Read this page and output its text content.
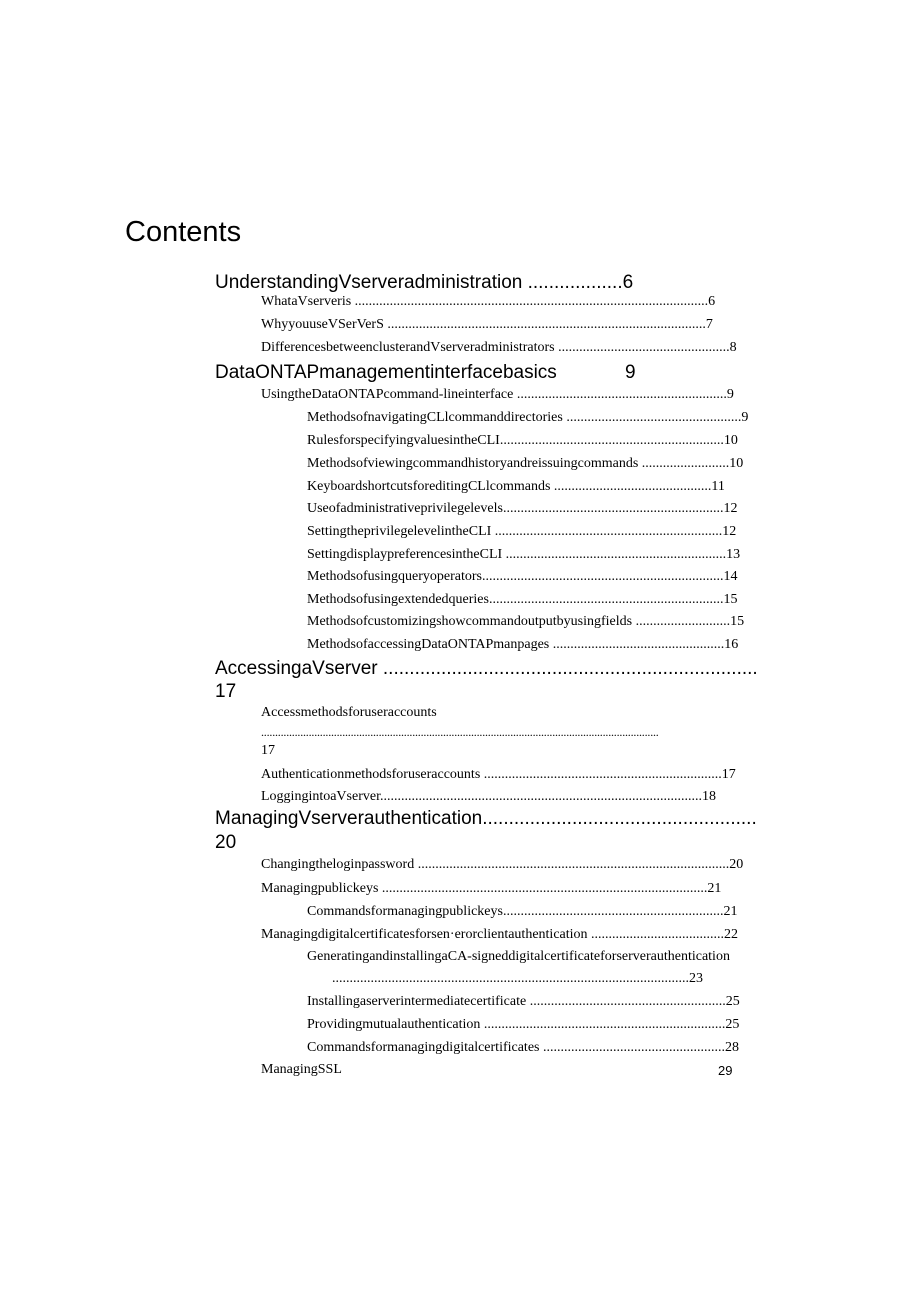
Contents
UnderstandingVserveradministration ..................6
WhataVserveris .....................................................................................................6
WhyyouuseVSerVerS ...........................................................................................7
DifferencesbetweenclusterandVserveradministrators .................................................8
DataONTAPmanagementinterfacebasics	9
UsingtheDataONTAPcommand-lineinterface ............................................................9
MethodsofnavigatingCLlcommanddirectories ..................................................9
RulesforspecifyingvaluesintheCLI................................................................10
Methodsofviewingcommandhistoryandreissuingcommands .........................10
KeyboardshortcutsforeditingCLlcommands .............................................11
Useofadministrativeprivilegelevels...............................................................12
SettingtheprivilegelevelintheCLI .................................................................12
SettingdisplaypreferencesintheCLI ...............................................................13
Methodsofusingqueryoperators.....................................................................14
Methodsofusingextendedqueries...................................................................15
Methodsofcustomizingshowcommandoutputbyusingfields ...........................15
MethodsofaccessingDataONTAPmanpages .................................................16
AccessingaVserver .......................................................................
17
Accessmethodsforuseraccounts
..............................................................................................................................................
17
Authenticationmethodsforuseraccounts ....................................................................17
LoggingintoaVserver............................................................................................18
ManagingVserverauthentication....................................................
20
Changingtheloginpassword .........................................................................................20
Managingpublickeys .............................................................................................21
Commandsformanagingpublickeys...............................................................21
Managingdigitalcertificatesforsen·erorclientauthentication ......................................22
GeneratingandinstallingaCA-signeddigitalcertificateforserverauthentication
......................................................................................................23
Installingaserverintermediatecertificate ........................................................25
Providingmutualauthentication .....................................................................25
Commandsformanagingdigitalcertificates ....................................................28
ManagingSSL	29
